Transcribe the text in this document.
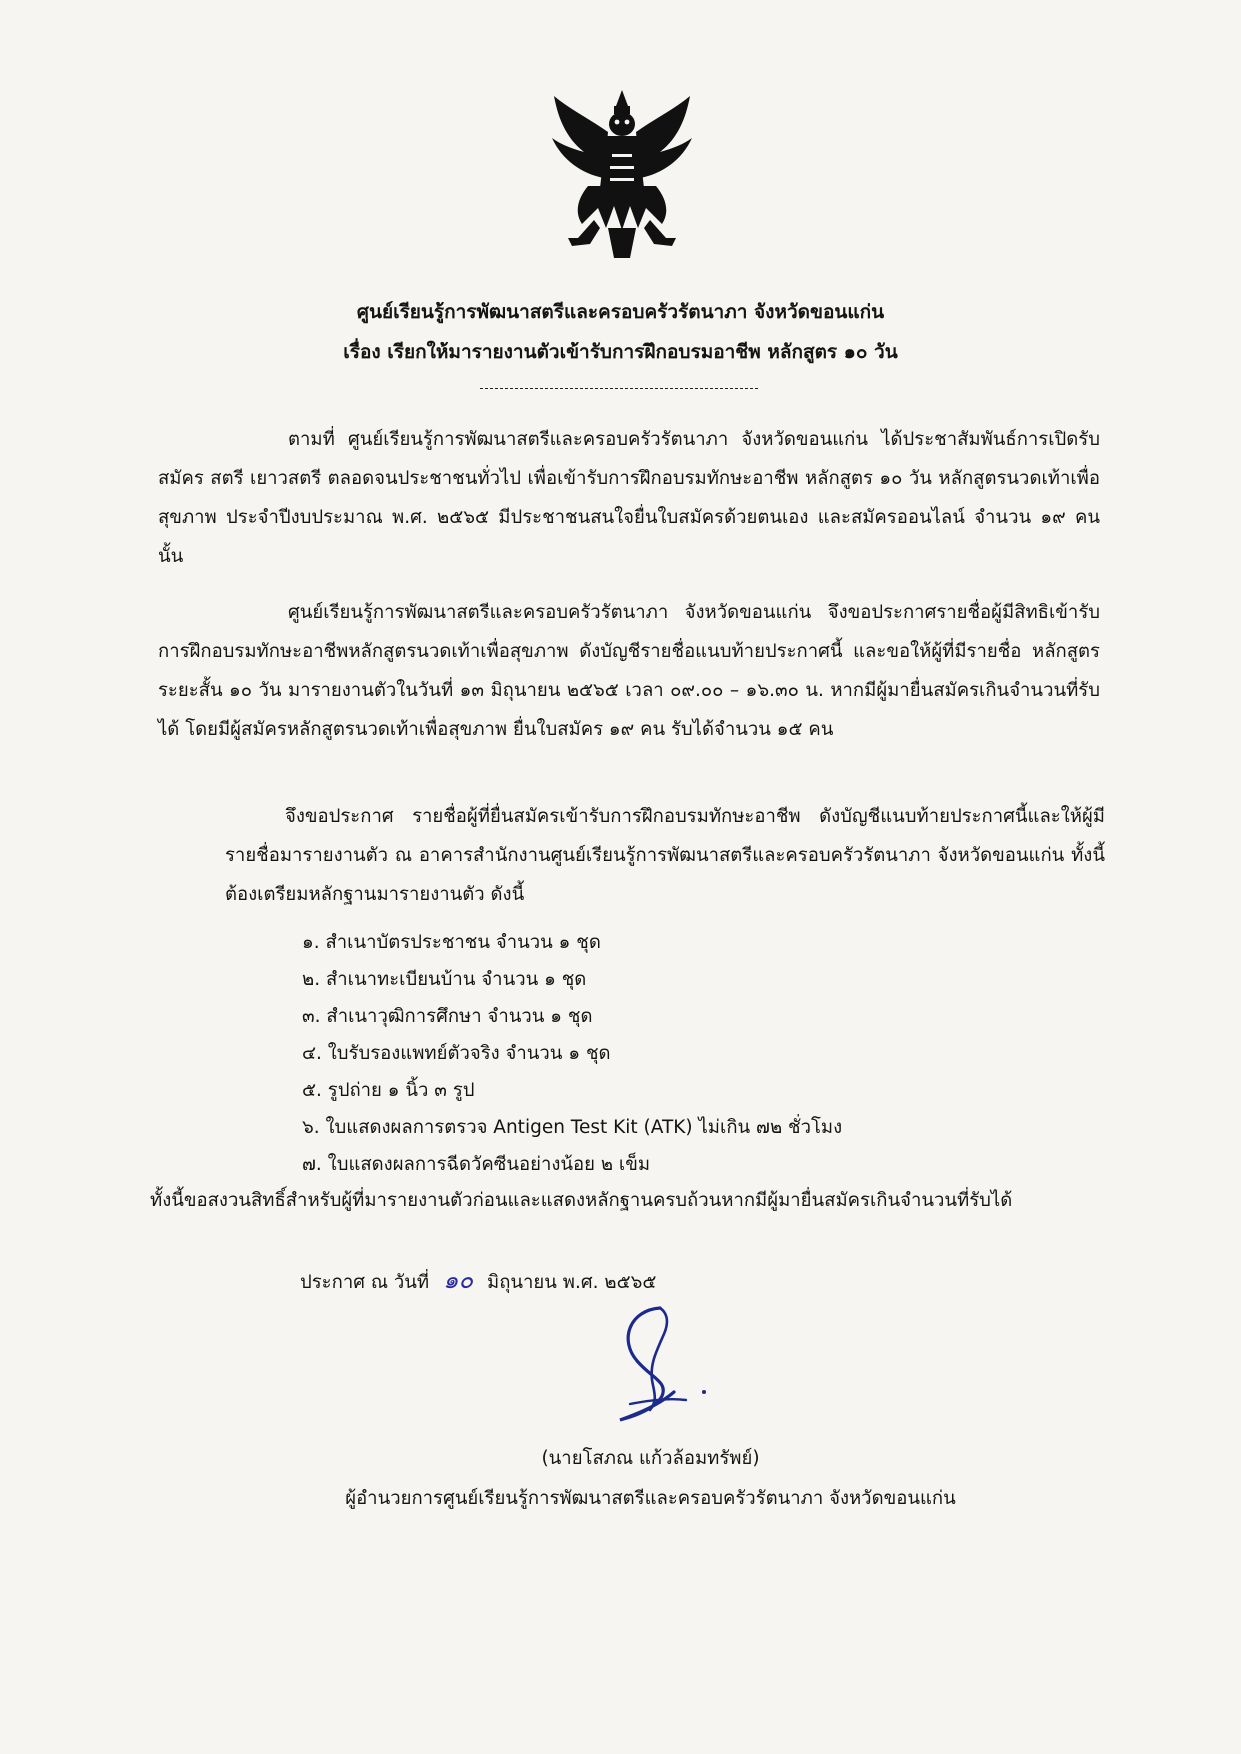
ศูนย์เรียนรู้การพัฒนาสตรีและครอบครัวรัตนาภา จังหวัดขอนแก่น
เรื่อง เรียกให้มารายงานตัวเข้ารับการฝึกอบรมอาชีพ หลักสูตร ๑๐ วัน
ตามที่ ศูนย์เรียนรู้การพัฒนาสตรีและครอบครัวรัตนาภา จังหวัดขอนแก่น ได้ประชาสัมพันธ์การเปิดรับสมัคร สตรี เยาวสตรี ตลอดจนประชาชนทั่วไป เพื่อเข้ารับการฝึกอบรมทักษะอาชีพ หลักสูตร ๑๐ วัน หลักสูตรนวดเท้าเพื่อสุขภาพ ประจำปีงบประมาณ พ.ศ. ๒๕๖๕ มีประชาชนสนใจยื่นใบสมัครด้วยตนเอง และสมัครออนไลน์ จำนวน ๑๙ คน นั้น
ศูนย์เรียนรู้การพัฒนาสตรีและครอบครัวรัตนาภา จังหวัดขอนแก่น จึงขอประกาศรายชื่อผู้มีสิทธิเข้ารับการฝึกอบรมทักษะอาชีพหลักสูตรนวดเท้าเพื่อสุขภาพ ดังบัญชีรายชื่อแนบท้ายประกาศนี้ และขอให้ผู้ที่มีรายชื่อ หลักสูตรระยะสั้น ๑๐ วัน มารายงานตัวในวันที่ ๑๓ มิถุนายน ๒๕๖๕ เวลา ๐๙.๐๐ – ๑๖.๓๐ น. หากมีผู้มายื่นสมัครเกินจำนวนที่รับได้ โดยมีผู้สมัครหลักสูตรนวดเท้าเพื่อสุขภาพ ยื่นใบสมัคร ๑๙ คน รับได้จำนวน ๑๕ คน
จึงขอประกาศ รายชื่อผู้ที่ยื่นสมัครเข้ารับการฝึกอบรมทักษะอาชีพ ดังบัญชีแนบท้ายประกาศนี้และให้ผู้มีรายชื่อมารายงานตัว ณ อาคารสำนักงานศูนย์เรียนรู้การพัฒนาสตรีและครอบครัวรัตนาภา จังหวัดขอนแก่น ทั้งนี้ ต้องเตรียมหลักฐานมารายงานตัว ดังนี้
๑. สำเนาบัตรประชาชน จำนวน ๑ ชุด
๒. สำเนาทะเบียนบ้าน จำนวน ๑ ชุด
๓. สำเนาวุฒิการศึกษา จำนวน ๑ ชุด
๔. ใบรับรองแพทย์ตัวจริง จำนวน ๑ ชุด
๕. รูปถ่าย ๑ นิ้ว ๓ รูป
๖. ใบแสดงผลการตรวจ Antigen Test Kit (ATK) ไม่เกิน ๗๒ ชั่วโมง
๗. ใบแสดงผลการฉีดวัคซีนอย่างน้อย ๒ เข็ม
ทั้งนี้ขอสงวนสิทธิ์สำหรับผู้ที่มารายงานตัวก่อนและแสดงหลักฐานครบถ้วนหากมีผู้มายื่นสมัครเกินจำนวนที่รับได้
ประกาศ ณ วันที่ ๑๐ มิถุนายน พ.ศ. ๒๕๖๕
(นายโสภณ แก้วล้อมทรัพย์)
ผู้อำนวยการศูนย์เรียนรู้การพัฒนาสตรีและครอบครัวรัตนาภา จังหวัดขอนแก่น
